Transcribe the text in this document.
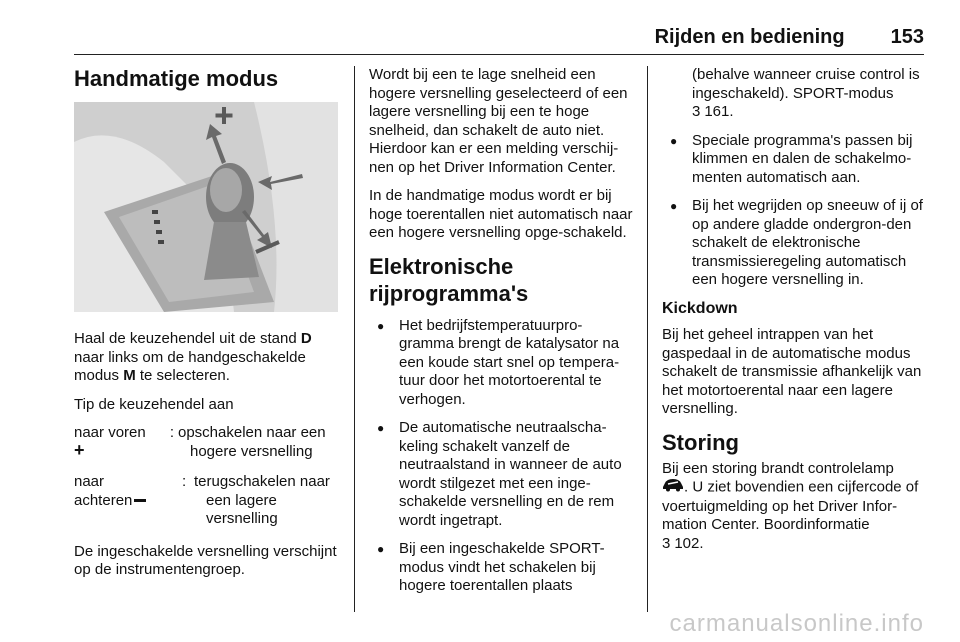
Rijden en bediening 153
Handmatige modus

Haal de keuzehendel uit de stand D naar links om de handgeschakelde modus M te selecteren.

Tip de keuzehendel aan

naar voren
+
: opschakelen naar een hogere versnelling
naar
achteren
: terugschakelen naar een lagere versnelling

De ingeschakelde versnelling verschijnt op de instrumentengroep.

Wordt bij een te lage snelheid een hogere versnelling geselecteerd of een lagere versnelling bij een te hoge snelheid, dan schakelt de auto niet. Hierdoor kan er een melding verschij-nen op het Driver Information Center.

In de handmatige modus wordt er bij hoge toerentallen niet automatisch naar een hogere versnelling opge-schakeld.

Elektronische rijprogramma's
● Het bedrijfstemperatuurpro-gramma brengt de katalysator na een koude start snel op tempera-tuur door het motortoerental te verhogen.
● De automatische neutraalscha-keling schakelt vanzelf de neutraalstand in wanneer de auto wordt stilgezet met een inge-schakelde versnelling en de rem wordt ingetrapt.
● Bij een ingeschakelde SPORT-modus vindt het schakelen bij hogere toerentallen plaats

(behalve wanneer cruise control is ingeschakeld). SPORT-modus
3 161.

● Speciale programma's passen bij klimmen en dalen de schakelmo-menten automatisch aan.
● Bij het wegrijden op sneeuw of ij of op andere gladde ondergron-den schakelt de elektronische transmissieregeling automatisch een hogere versnelling in.
Kickdown

Bij het geheel intrappen van het gaspedaal in de automatische modus schakelt de transmissie afhankelijk van het motortoerental naar een lagere versnelling.

Storing

Bij een storing brandt controlelamp
. U ziet bovendien een cijfercode of voertuigmelding op het Driver Infor-mation Center. Boordinformatie
3 102.

carmanualsonline.info
